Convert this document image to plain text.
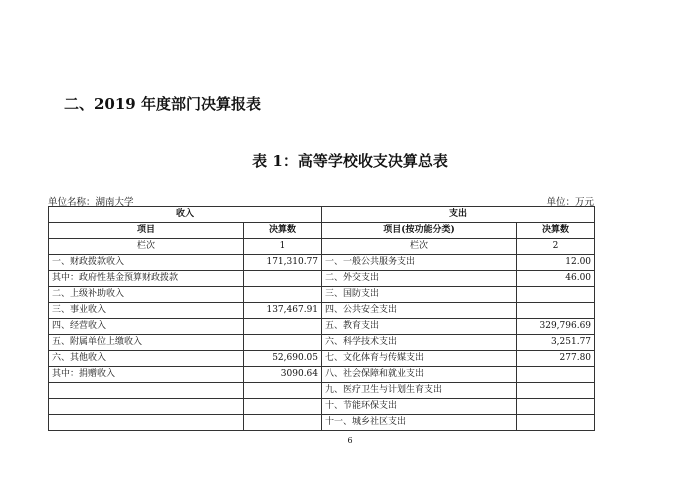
二、2019 年度部门决算报表
表 1：高等学校收支决算总表
单位名称：湖南大学	单位：万元
收入		支出	
项目	决算数	项目(按功能分类)	决算数
栏次	1	栏次	2
一、财政拨款收入	171,310.77	一、一般公共服务支出	12.00
其中：政府性基金预算财政拨款		二、外交支出	46.00
二、上级补助收入		三、国防支出	
三、事业收入	137,467.91	四、公共安全支出	
四、经营收入		五、教育支出	329,796.69
五、附属单位上缴收入		六、科学技术支出	3,251.77
六、其他收入	52,690.05	七、文化体育与传媒支出	277.80
其中：捐赠收入	3090.64	八、社会保障和就业支出	
		九、医疗卫生与计划生育支出	
		十、节能环保支出	
		十一、城乡社区支出	
6
